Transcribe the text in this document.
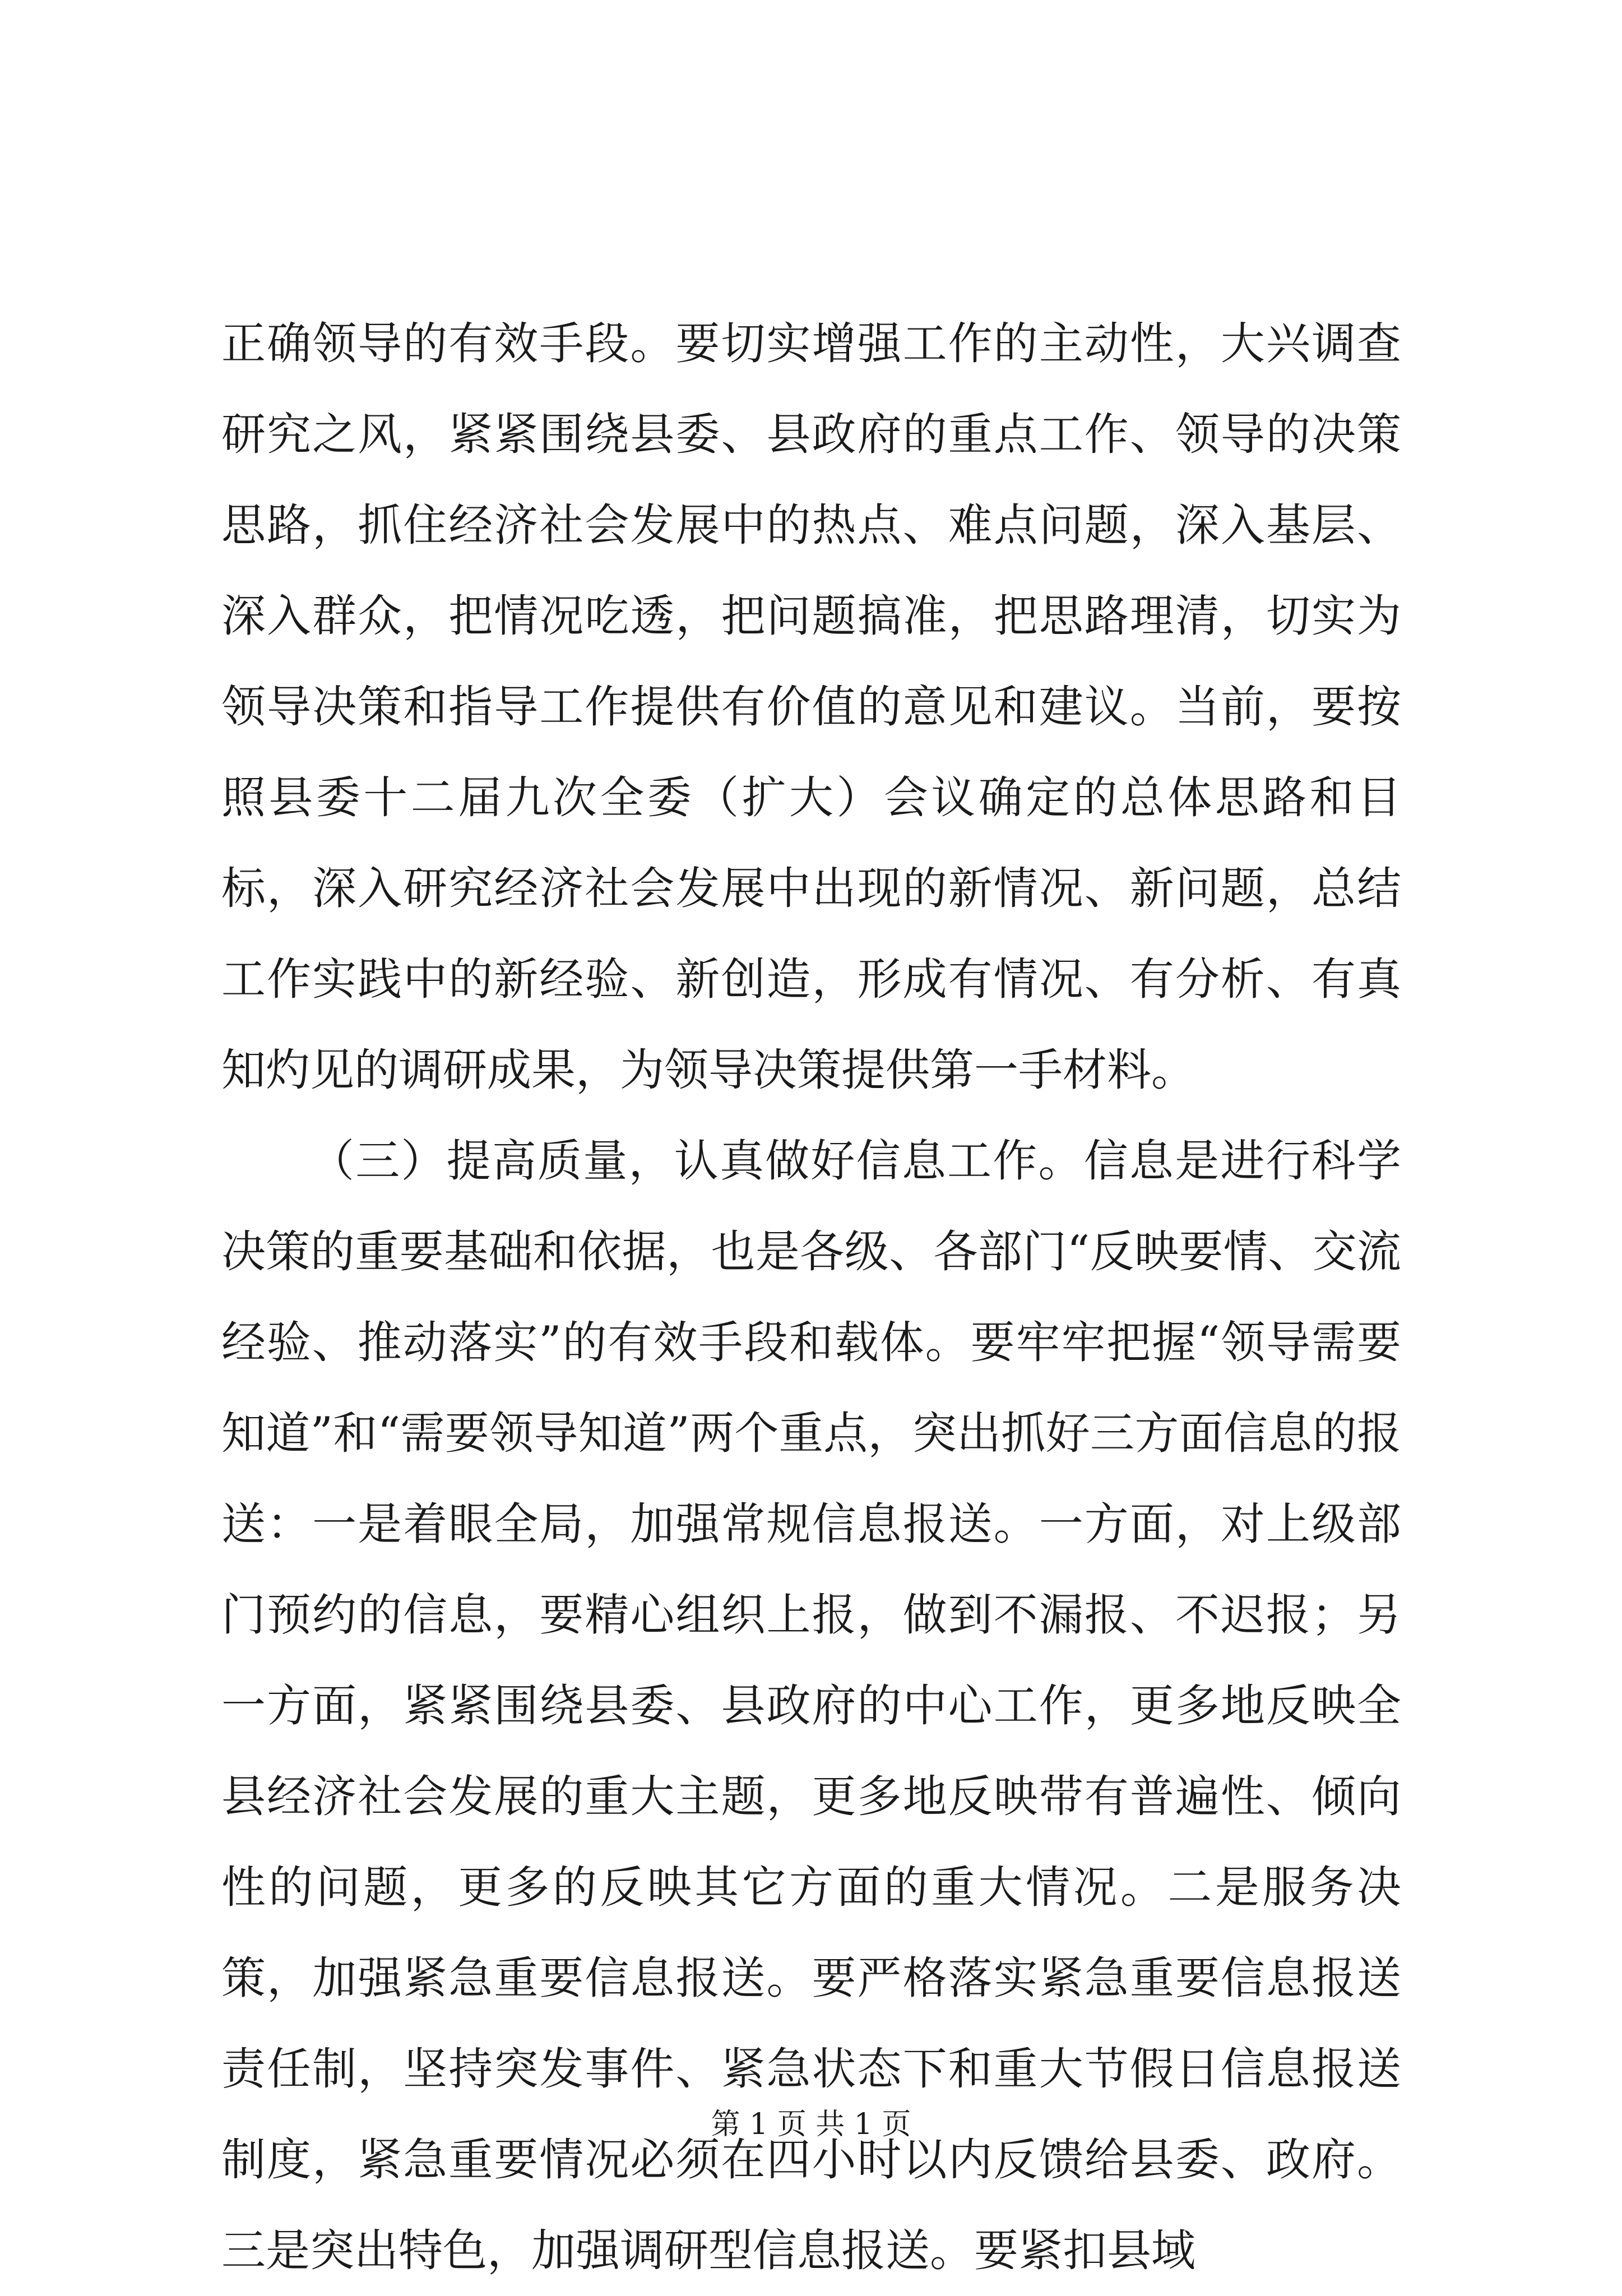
正确领导的有效手段。要切实增强工作的主动性，大兴调查研究之风，紧紧围绕县委、县政府的重点工作、领导的决策思路，抓住经济社会发展中的热点、难点问题，深入基层、深入群众，把情况吃透，把问题搞准，把思路理清，切实为领导决策和指导工作提供有价值的意见和建议。当前，要按照县委十二届九次全委（扩大）会议确定的总体思路和目标，深入研究经济社会发展中出现的新情况、新问题，总结工作实践中的新经验、新创造，形成有情况、有分析、有真知灼见的调研成果，为领导决策提供第一手材料。

（三）提高质量，认真做好信息工作。信息是进行科学决策的重要基础和依据，也是各级、各部门“反映要情、交流经验、推动落实”的有效手段和载体。要牢牢把握“领导需要知道”和“需要领导知道”两个重点，突出抓好三方面信息的报送：一是着眼全局，加强常规信息报送。一方面，对上级部门预约的信息，要精心组织上报，做到不漏报、不迟报；另一方面，紧紧围绕县委、县政府的中心工作，更多地反映全县经济社会发展的重大主题，更多地反映带有普遍性、倾向性的问题，更多的反映其它方面的重大情况。二是服务决策，加强紧急重要信息报送。要严格落实紧急重要信息报送责任制，坚持突发事件、紧急状态下和重大节假日信息报送制度，紧急重要情况必须在四小时以内反馈给县委、政府。三是突出特色，加强调研型信息报送。要紧扣县域

第 1 页 共 1 页
